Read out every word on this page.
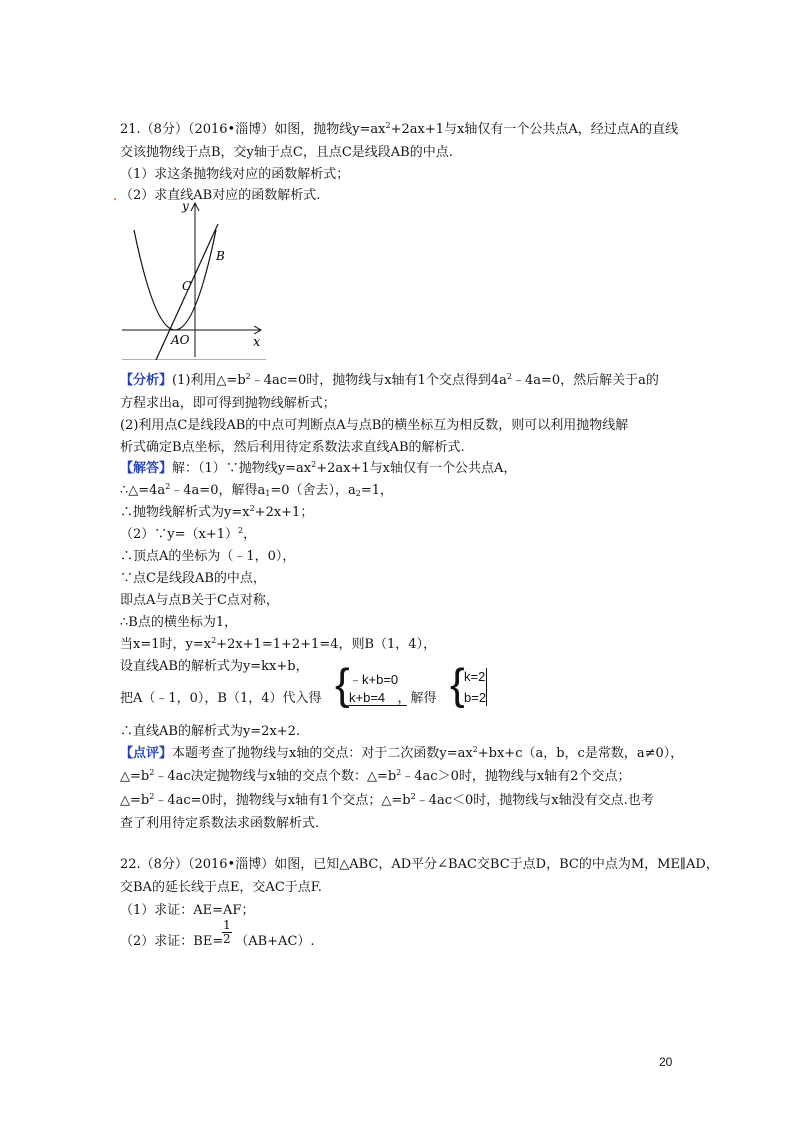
21.（8分）（2016•淄博）如图，抛物线$y=ax^2+2ax+1$与x轴仅有一个公共点A，经过点A的直线
交该抛物线于点B，交y轴于点C，且点C是线段AB的中点.
（1）求这条抛物线对应的函数解析式；
（2）求直线AB对应的函数解析式.
y
x
B
C
AO
【分析】(1)利用$\triangle=b^2﹣4ac=0$时，抛物线与x轴有1个交点得到$4a^2﹣4a=0$，然后解关于a的
方程求出a，即可得到抛物线解析式；
(2)利用点C是线段AB的中点可判断点A与点B的横坐标互为相反数，则可以利用抛物线解
析式确定B点坐标，然后利用待定系数法求直线AB的解析式.
【解答】解：（1）∵抛物线$y=ax^2+2ax+1$与x轴仅有一个公共点A，
$\therefore\triangle=4a^2﹣4a=0$，解得$a_1=0$（舍去），$a_2=1$，
∴抛物线解析式为$y=x^2+2x+1$；
$(2)\because y=(x+1)^2$，
∴顶点A的坐标为（﹣1，0），
∵点C是线段AB的中点，
即点A与点B关于C点对称，
∴B点的横坐标为1，
当x=1时，$y=x^2+2x+1=1+2+1=4$，则B（1，4），
设直线AB的解析式为y=kx+b，
把A（﹣1，0），B（1，4）代入得	，解得
{ ﹣k+b=0
k+b=4	{ k=2
b=2
∴直线AB的解析式为y=2x+2.
【点评】本题考查了抛物线与x轴的交点：对于二次函数$y=ax^2+bx+c(a$，b，c是常数，a≠0），
$\triangle=b^2﹣4ac$决定抛物线与x轴的交点个数：$\triangle=b^2﹣4ac>0$时，抛物线与x轴有2个交点；
$\triangle=b^2﹣4ac=0$时，抛物线与x轴有1个交点；$\triangle=b^2﹣4ac<0$时，抛物线与x轴没有交点.也考
查了利用待定系数法求函数解析式.
22.（8分）（2016•淄博）如图，已知△ABC，AD平分∠BAC交BC于点D，BC的中点为M，ME∥AD，
交BA的延长线于点E，交AC于点F.
（1）求证：AE=AF；
（2）求证：BE= （AB+AC）.
$\frac{1}{2}$
20
